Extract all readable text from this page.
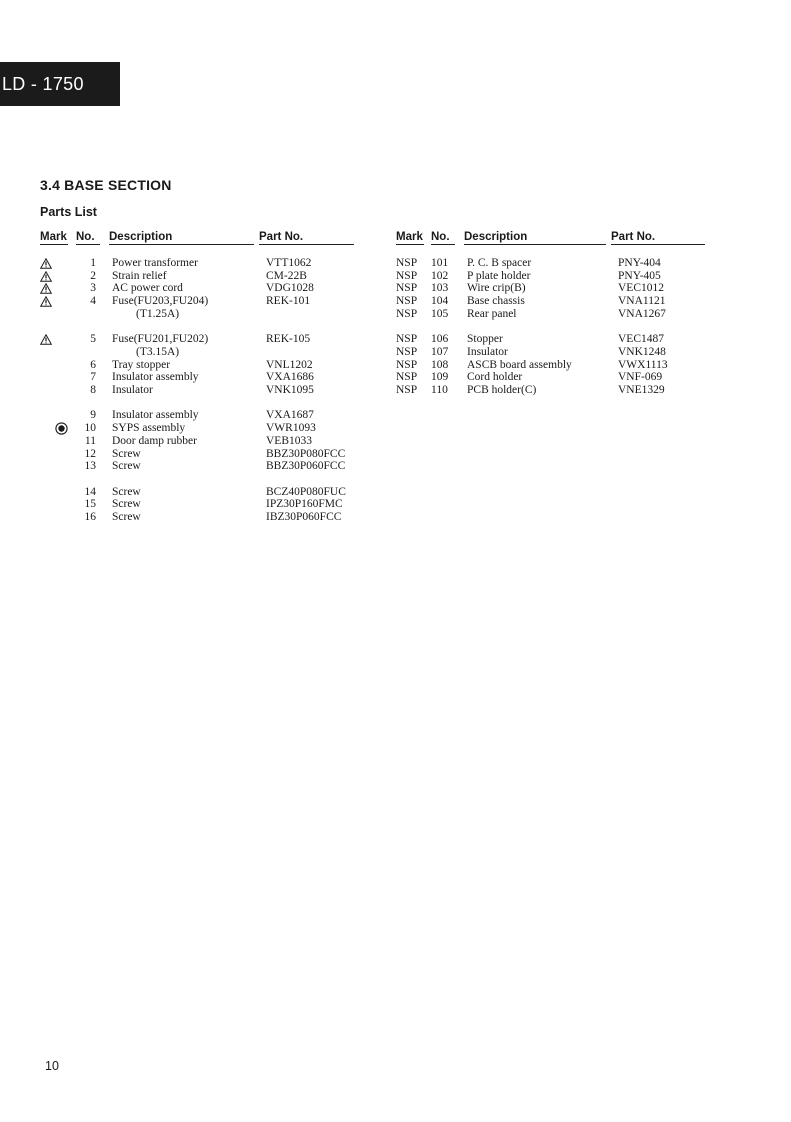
LD - 1750
3.4 BASE SECTION
Parts List
Mark No.	Description	Part No.	Mark No.	Description	Part No.
1 Power transformer	VTT1062
2 Strain relief	CM-22B
3 AC power cord	VDG1028
4 Fuse(FU203,FU204)	REK-101
(T1.25A)
5 Fuse(FU201,FU202)	REK-105
(T3.15A)
6 Tray stopper	VNL1202
7 Insulator assembly	VXA1686
8 Insulator	VNK1095
9 Insulator assembly	VXA1687
10 SYPS assembly	VWR1093
11 Door damp rubber	VEB1033
12 Screw	BBZ30P080FCC
13 Screw	BBZ30P060FCC
14 Screw	BCZ40P080FUC
15 Screw	IPZ30P160FMC
16 Screw	IBZ30P060FCC
NSP 101 P. C. B spacer	PNY-404
NSP 102 P plate holder	PNY-405
NSP 103 Wire crip(B)	VEC1012
NSP 104 Base chassis	VNA1121
NSP 105 Rear panel	VNA1267
NSP 106 Stopper	VEC1487
NSP 107 Insulator	VNK1248
NSP 108 ASCB board assembly	VWX1113
NSP 109 Cord holder	VNF-069
NSP 110 PCB holder(C)	VNE1329
10
